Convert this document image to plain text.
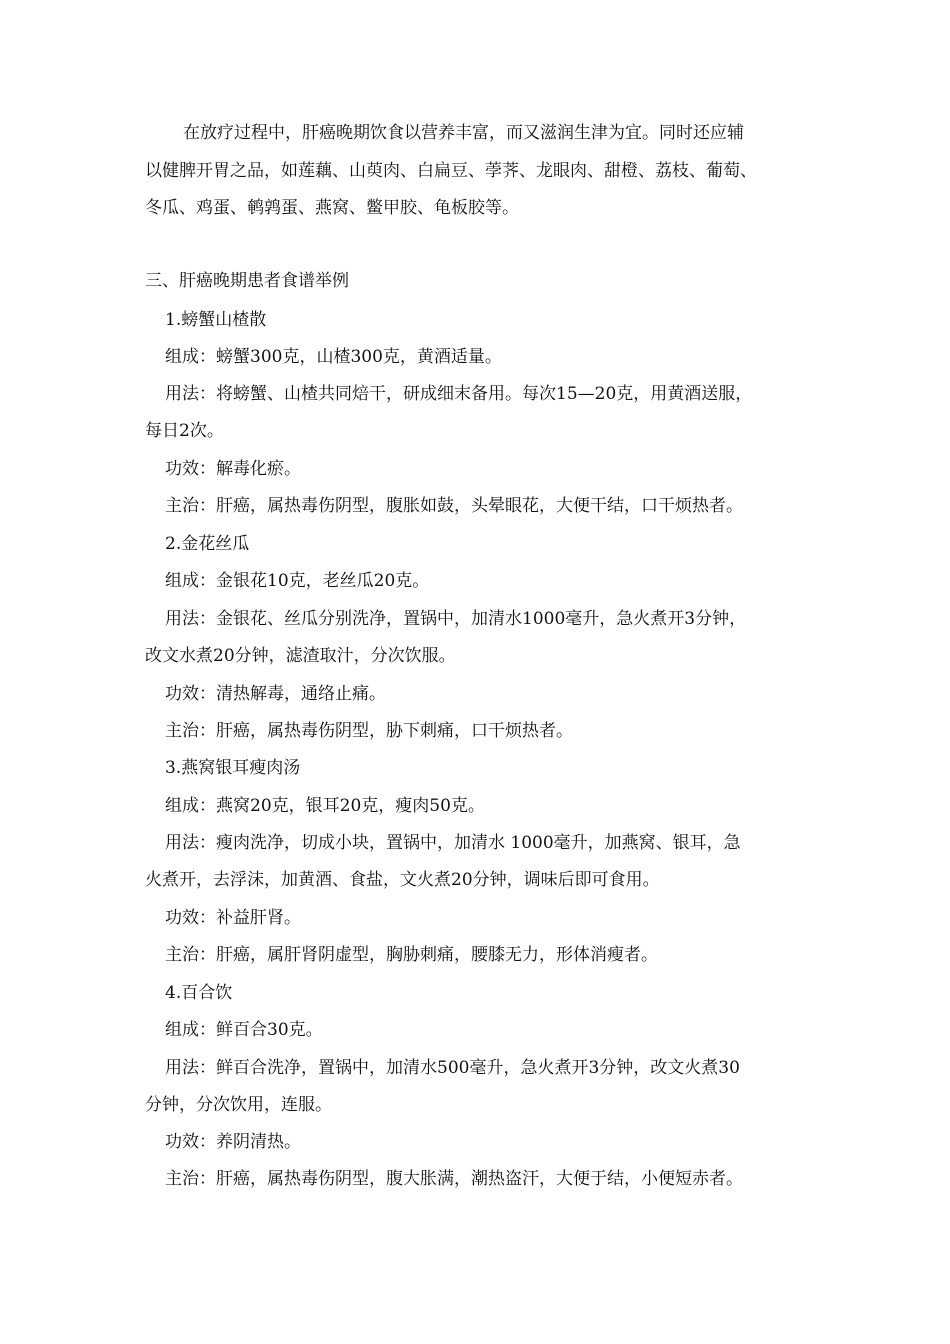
在放疗过程中，肝癌晚期饮食以营养丰富，而又滋润生津为宜。同时还应辅
以健脾开胃之品，如莲藕、山萸肉、白扁豆、荸荠、龙眼肉、甜橙、荔枝、葡萄、
冬瓜、鸡蛋、鹌鹑蛋、燕窝、鳖甲胶、龟板胶等。
三、肝癌晚期患者食谱举例
1.螃蟹山楂散
组成：螃蟹300克，山楂300克，黄酒适量。
用法：将螃蟹、山楂共同焙干，研成细末备用。每次15—20克，用黄酒送服，
每日2次。
功效：解毒化瘀。
主治：肝癌，属热毒伤阴型，腹胀如鼓，头晕眼花，大便干结，口干烦热者。
2.金花丝瓜
组成：金银花10克，老丝瓜20克。
用法：金银花、丝瓜分别洗净，置锅中，加清水1000毫升，急火煮开3分钟，
改文水煮20分钟，滤渣取汁，分次饮服。
功效：清热解毒，通络止痛。
主治：肝癌，属热毒伤阴型，胁下刺痛，口干烦热者。
3.燕窝银耳瘦肉汤
组成：燕窝20克，银耳20克，瘦肉50克。
用法：瘦肉洗净，切成小块，置锅中，加清水 1000毫升，加燕窝、银耳，急
火煮开，去浮沫，加黄酒、食盐，文火煮20分钟，调味后即可食用。
功效：补益肝肾。
主治：肝癌，属肝肾阴虚型，胸胁刺痛，腰膝无力，形体消瘦者。
4.百合饮
组成：鲜百合30克。
用法：鲜百合洗净，置锅中，加清水500毫升，急火煮开3分钟，改文火煮30
分钟，分次饮用，连服。
功效：养阴清热。
主治：肝癌，属热毒伤阴型，腹大胀满，潮热盗汗，大便于结，小便短赤者。
